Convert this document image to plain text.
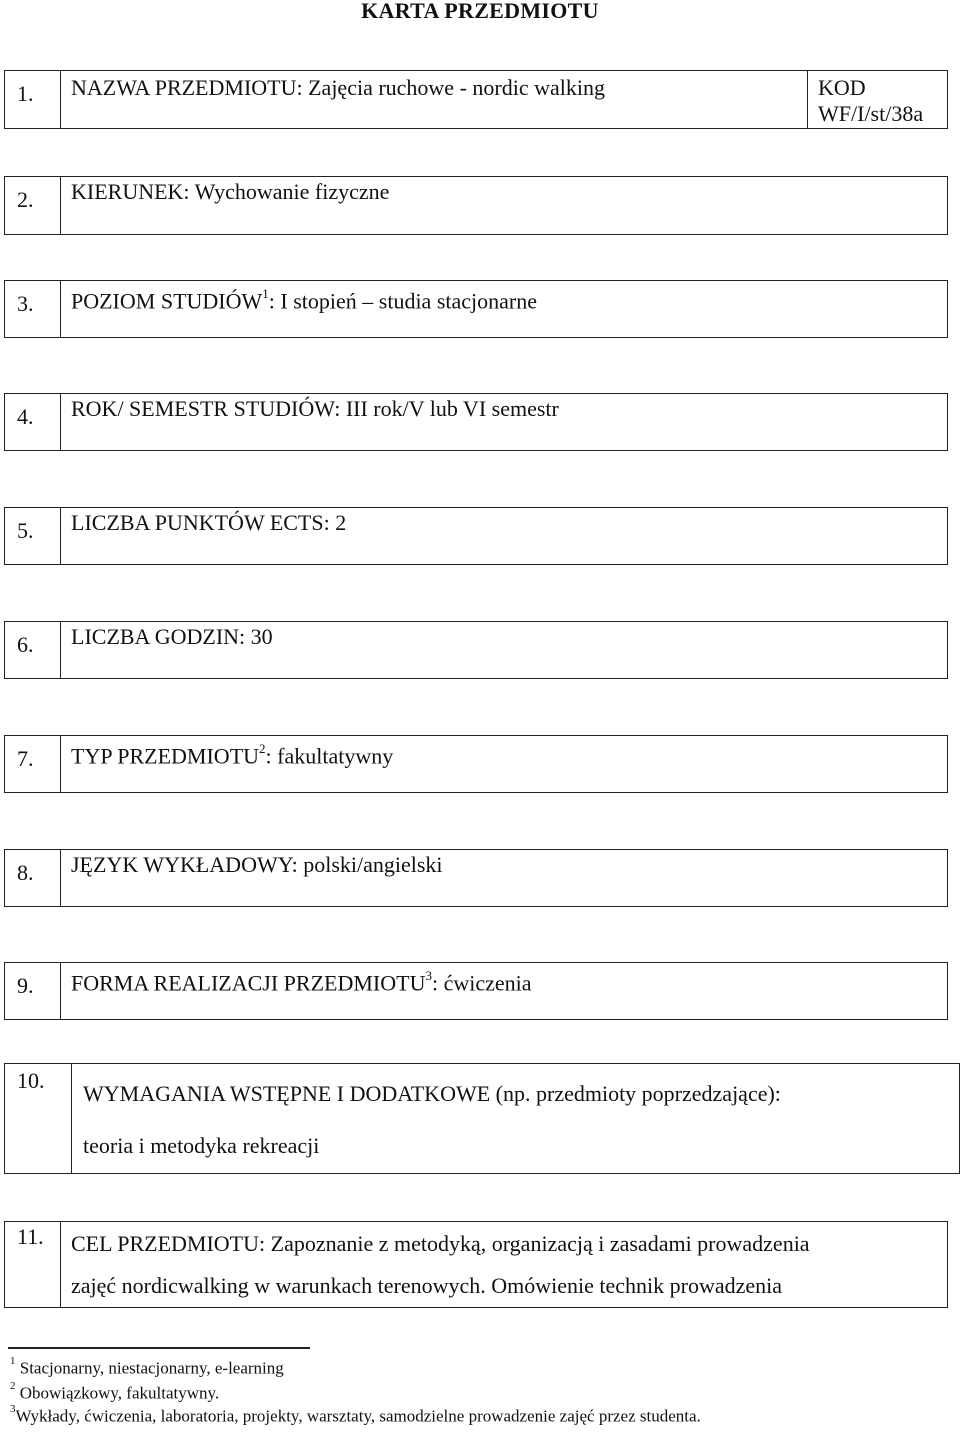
KARTA PRZEDMIOTU
1. NAZWA PRZEDMIOTU: Zajęcia ruchowe - nordic walking	KOD
WF/I/st/38a
2. KIERUNEK: Wychowanie fizyczne
3. POZIOM STUDIÓW$^1$: I stopień – studia stacjonarne
4. ROK/ SEMESTR STUDIÓW: III rok/V lub VI semestr
5. LICZBA PUNKTÓW ECTS: 2
6. LICZBA GODZIN: 30
7. TYP PRZEDMIOTU$^2$: fakultatywny
8. JĘZYK WYKŁADOWY: polski/angielski
9. FORMA REALIZACJI PRZEDMIOTU$^3$: ćwiczenia
10.
WYMAGANIA WSTĘPNE I DODATKOWE (np. przedmioty poprzedzające):
teoria i metodyka rekreacji
11. CEL PRZEDMIOTU: Zapoznanie z metodyką, organizacją i zasadami prowadzenia
zajęć nordicwalking w warunkach terenowych. Omówienie technik prowadzenia
$^1$ Stacjonarny, niestacjonarny, e-learning
$^2$ Obowiązkowy, fakultatywny.
$^3$Wykłady, ćwiczenia, laboratoria, projekty, warsztaty, samodzielne prowadzenie zajęć przez studenta.
